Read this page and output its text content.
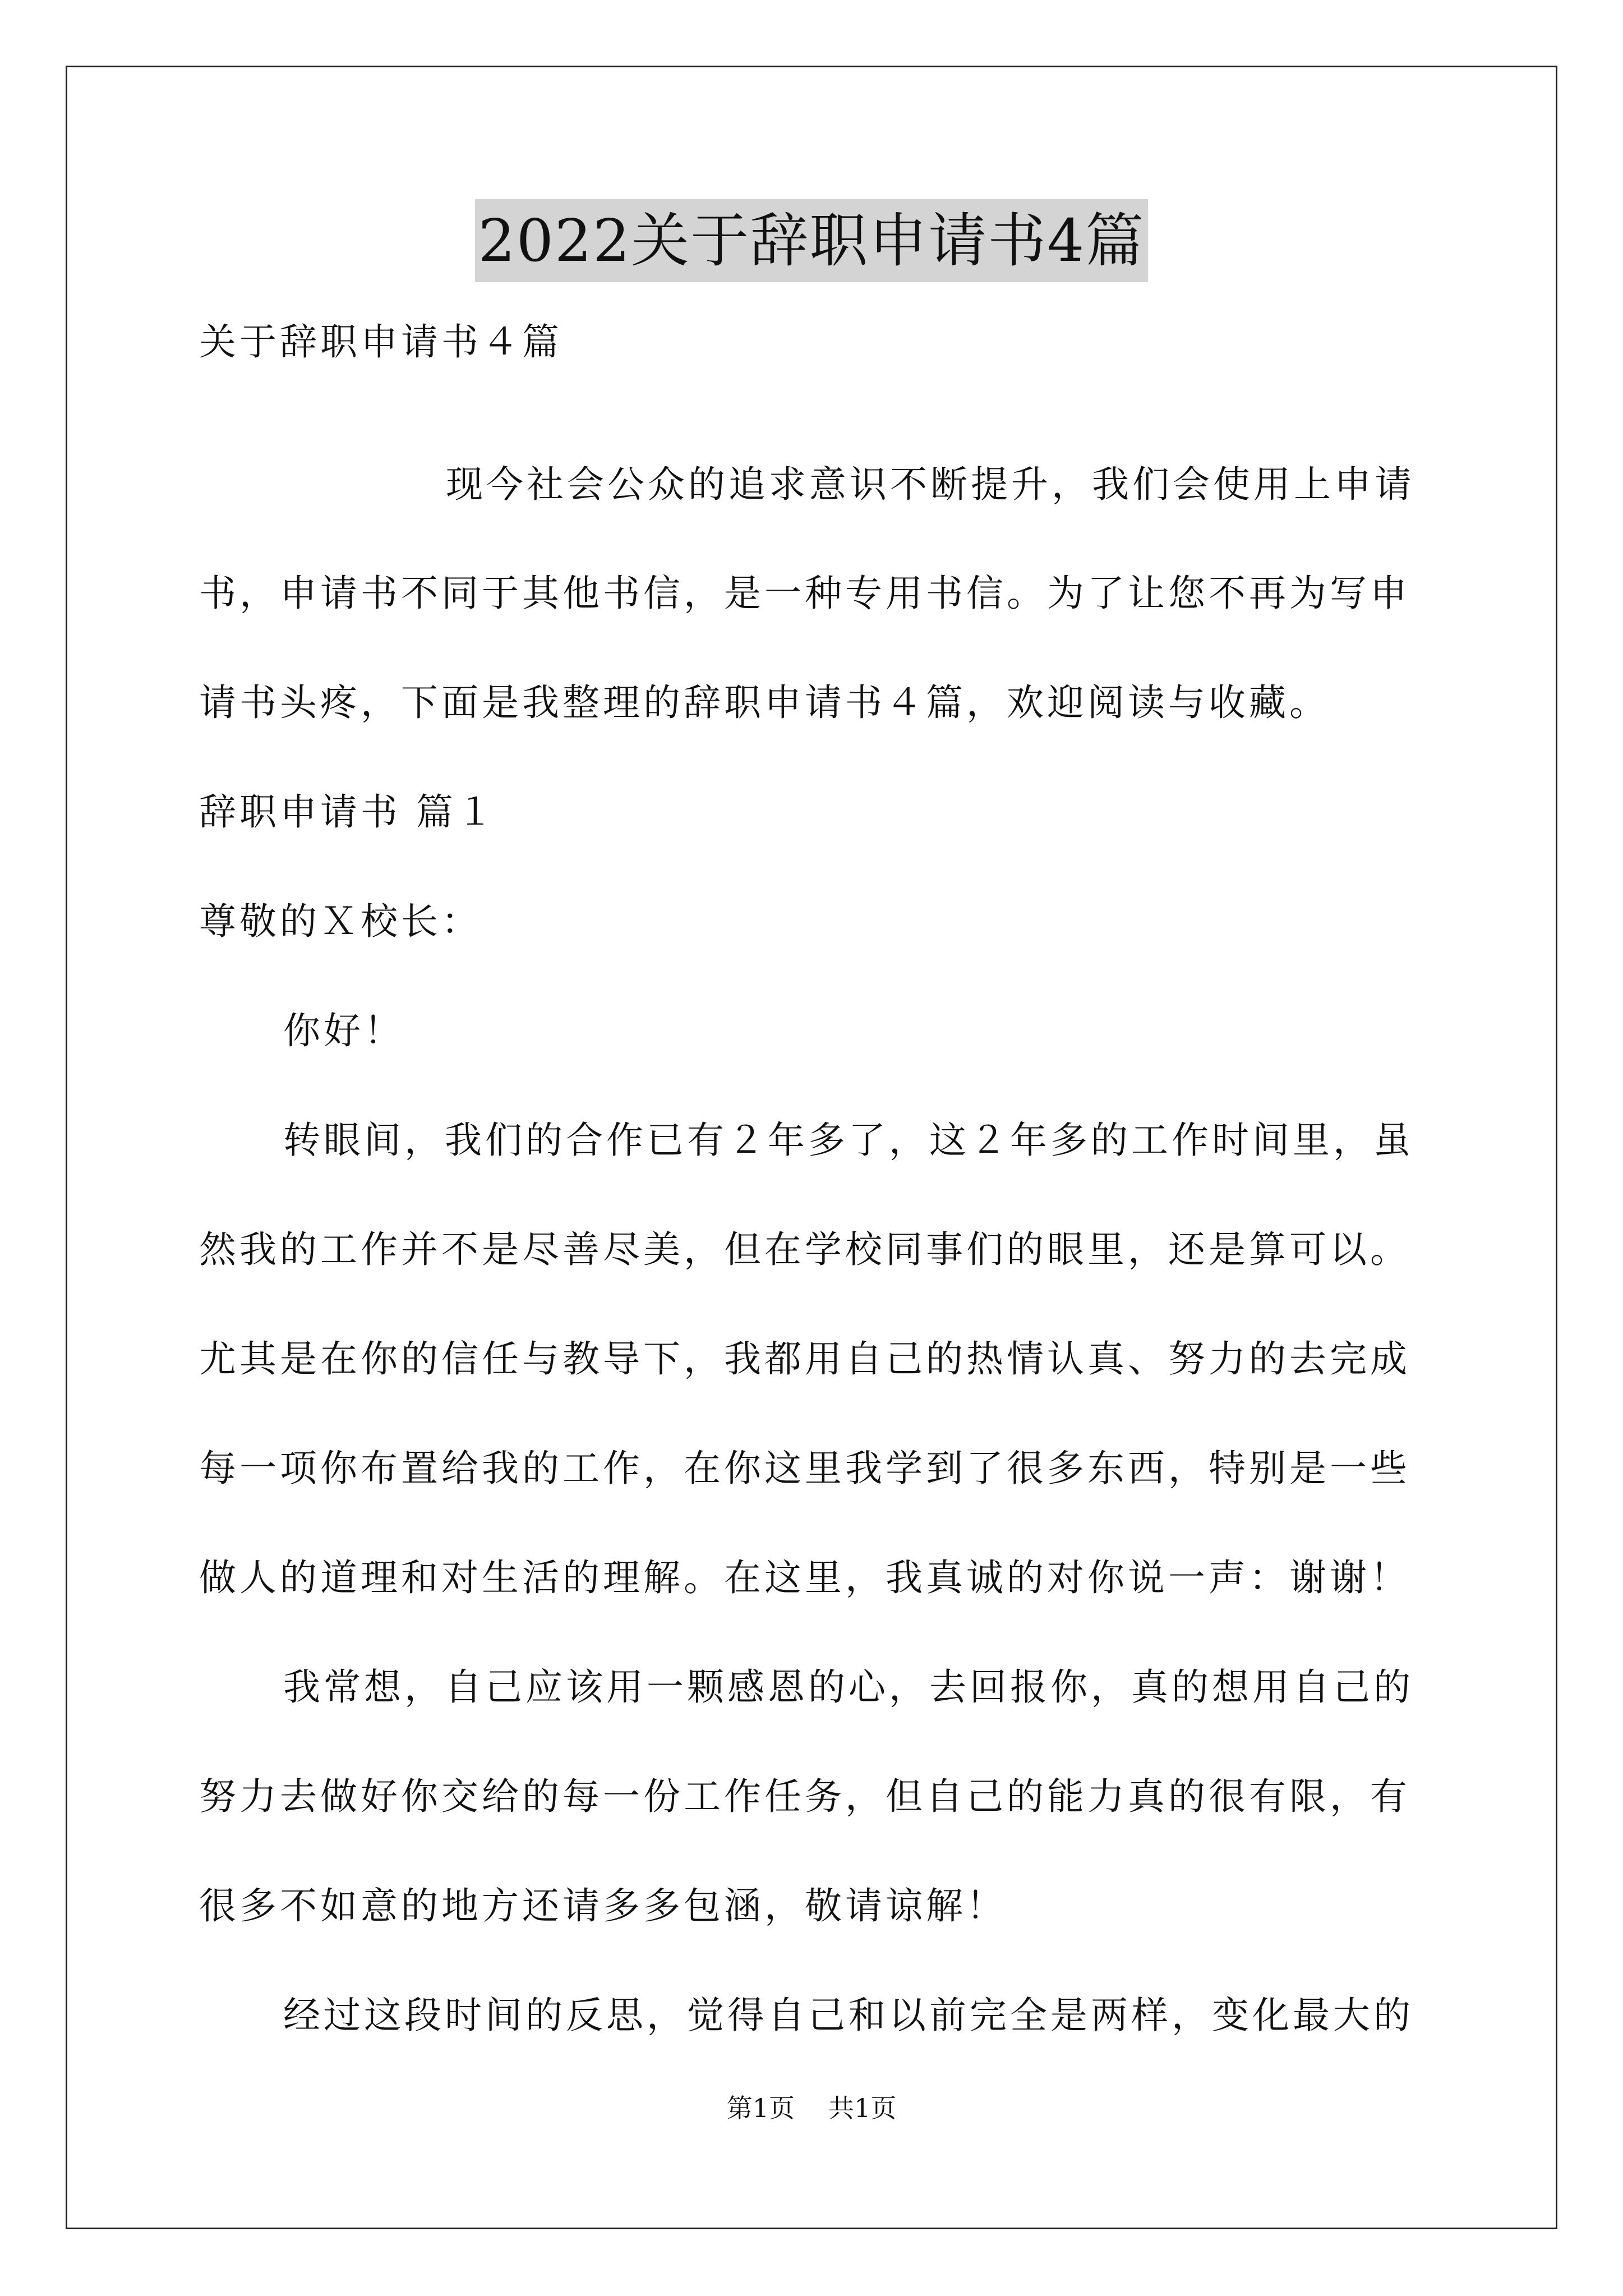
2022关于辞职申请书4篇
关于辞职申请书４篇
现今社会公众的追求意识不断提升，我们会使用上申请
书，申请书不同于其他书信，是一种专用书信。为了让您不再为写申
请书头疼，下面是我整理的辞职申请书４篇，欢迎阅读与收藏。
辞职申请书 篇１
尊敬的Ｘ校长：
你好！
转眼间，我们的合作已有２年多了，这２年多的工作时间里，虽
然我的工作并不是尽善尽美，但在学校同事们的眼里，还是算可以。
尤其是在你的信任与教导下，我都用自己的热情认真、努力的去完成
每一项你布置给我的工作，在你这里我学到了很多东西，特别是一些
做人的道理和对生活的理解。在这里，我真诚的对你说一声：谢谢！
我常想，自己应该用一颗感恩的心，去回报你，真的想用自己的
努力去做好你交给的每一份工作任务，但自己的能力真的很有限，有
很多不如意的地方还请多多包涵，敬请谅解！
经过这段时间的反思，觉得自己和以前完全是两样，变化最大的
第1页 共1页
